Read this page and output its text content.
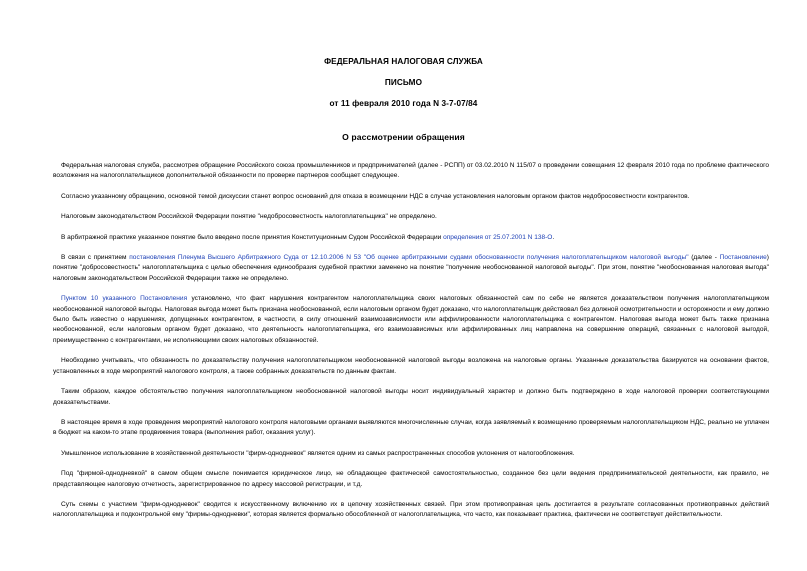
ФЕДЕРАЛЬНАЯ НАЛОГОВАЯ СЛУЖБА
ПИСЬМО
от 11 февраля 2010 года N 3-7-07/84
О рассмотрении обращения

Федеральная налоговая служба, рассмотрев обращение Российского союза промышленников и предпринимателей (далее - РСПП) от 03.02.2010 N 115/07 о проведении совещания 12 февраля 2010 года по проблеме фактического возложения на налогоплательщиков дополнительной обязанности по проверке партнеров сообщает следующее.

Согласно указанному обращению, основной темой дискуссии станет вопрос оснований для отказа в возмещении НДС в случае установления налоговым органом фактов недобросовестности контрагентов.

Налоговым законодательством Российской Федерации понятие "недобросовестность налогоплательщика" не определено.

В арбитражной практике указанное понятие было введено после принятия Конституционным Судом Российской Федерации определения от 25.07.2001 N 138-О.

В связи с принятием постановления Пленума Высшего Арбитражного Суда от 12.10.2006 N 53 "Об оценке арбитражными судами обоснованности получения налогоплательщиком налоговой выгоды" (далее - Постановление) понятие "добросовестность" налогоплательщика с целью обеспечения единообразия судебной практики заменено на понятие "получение необоснованной налоговой выгоды". При этом, понятие "необоснованная налоговая выгода" налоговым законодательством Российской Федерации также не определено.

Пунктом 10 указанного Постановления установлено, что факт нарушения контрагентом налогоплательщика своих налоговых обязанностей сам по себе не является доказательством получения налогоплательщиком необоснованной налоговой выгоды. Налоговая выгода может быть признана необоснованной, если налоговым органом будет доказано, что налогоплательщик действовал без должной осмотрительности и осторожности и ему должно было быть известно о нарушениях, допущенных контрагентом, в частности, в силу отношений взаимозависимости или аффилированности налогоплательщика с контрагентом. Налоговая выгода может быть также признана необоснованной, если налоговым органом будет доказано, что деятельность налогоплательщика, его взаимозависимых или аффилированных лиц направлена на совершение операций, связанных с налоговой выгодой, преимущественно с контрагентами, не исполняющими своих налоговых обязанностей.

Необходимо учитывать, что обязанность по доказательству получения налогоплательщиком необоснованной налоговой выгоды возложена на налоговые органы. Указанные доказательства базируются на основании фактов, установленных в ходе мероприятий налогового контроля, а также собранных доказательств по данным фактам.

Таким образом, каждое обстоятельство получения налогоплательщиком необоснованной налоговой выгоды носит индивидуальный характер и должно быть подтверждено в ходе налоговой проверки соответствующими доказательствами.

В настоящее время в ходе проведения мероприятий налогового контроля налоговыми органами выявляются многочисленные случаи, когда заявляемый к возмещению проверяемым налогоплательщиком НДС, реально не уплачен в бюджет на каком-то этапе продвижения товара (выполнения работ, оказания услуг).

Умышленное использование в хозяйственной деятельности "фирм-однодневок" является одним из самых распространенных способов уклонения от налогообложения.

Под "фирмой-однодневкой" в самом общем смысле понимается юридическое лицо, не обладающее фактической самостоятельностью, созданное без цели ведения предпринимательской деятельности, как правило, не представляющее налоговую отчетность, зарегистрированное по адресу массовой регистрации, и т.д.

Суть схемы с участием "фирм-однодневок" сводится к искусственному включению их в цепочку хозяйственных связей. При этом противоправная цель достигается в результате согласованных противоправных действий налогоплательщика и подконтрольной ему "фирмы-однодневки", которая является формально обособленной от налогоплательщика, что часто, как показывает практика, фактически не соответствует действительности.
